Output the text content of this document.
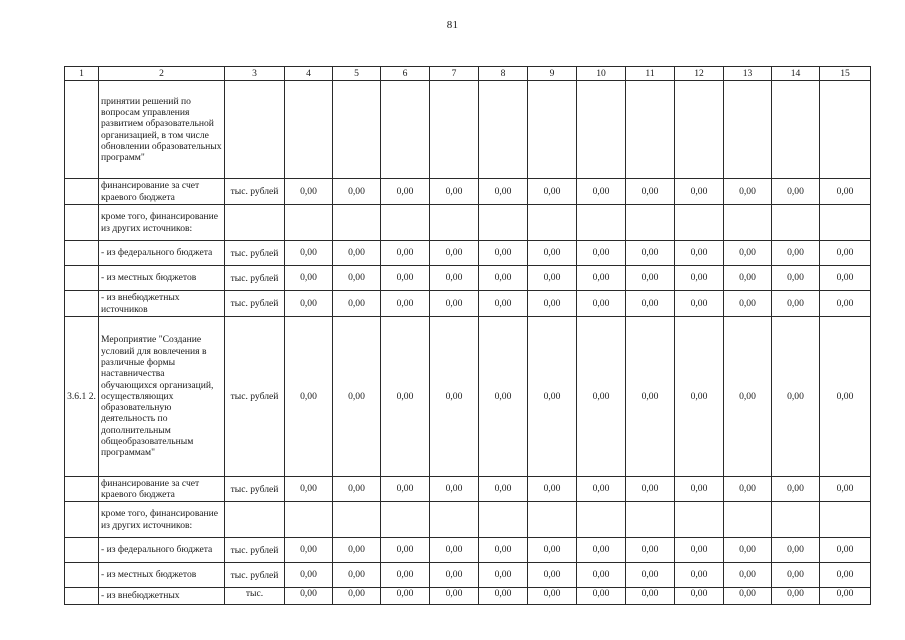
81
1	2	3	4	5	6	7	8	9	10	11	12	13	14	15
	принятии решений по вопросам управления развитием образовательной организацией, в том числе обновлении образовательных программ"													
	финансирование за счет краевого бюджета	тыс. рублей	0,00	0,00	0,00	0,00	0,00	0,00	0,00	0,00	0,00	0,00	0,00	0,00
	кроме того, финансирование из других источников:													
	- из федерального бюджета	тыс. рублей	0,00	0,00	0,00	0,00	0,00	0,00	0,00	0,00	0,00	0,00	0,00	0,00
	- из местных бюджетов	тыс. рублей	0,00	0,00	0,00	0,00	0,00	0,00	0,00	0,00	0,00	0,00	0,00	0,00
	- из внебюджетных источников	тыс. рублей	0,00	0,00	0,00	0,00	0,00	0,00	0,00	0,00	0,00	0,00	0,00	0,00
3.6.1 2.	Мероприятие "Создание условий для вовлечения в различные формы наставничества обучающихся организаций, осуществляющих образовательную деятельность по дополнительным общеобразовательным программам"	тыс. рублей	0,00	0,00	0,00	0,00	0,00	0,00	0,00	0,00	0,00	0,00	0,00	0,00
	финансирование за счет краевого бюджета	тыс. рублей	0,00	0,00	0,00	0,00	0,00	0,00	0,00	0,00	0,00	0,00	0,00	0,00
	кроме того, финансирование из других источников:													
	- из федерального бюджета	тыс. рублей	0,00	0,00	0,00	0,00	0,00	0,00	0,00	0,00	0,00	0,00	0,00	0,00
	- из местных бюджетов	тыс. рублей	0,00	0,00	0,00	0,00	0,00	0,00	0,00	0,00	0,00	0,00	0,00	0,00
	- из внебюджетных	тыс.	0,00	0,00	0,00	0,00	0,00	0,00	0,00	0,00	0,00	0,00	0,00	0,00
